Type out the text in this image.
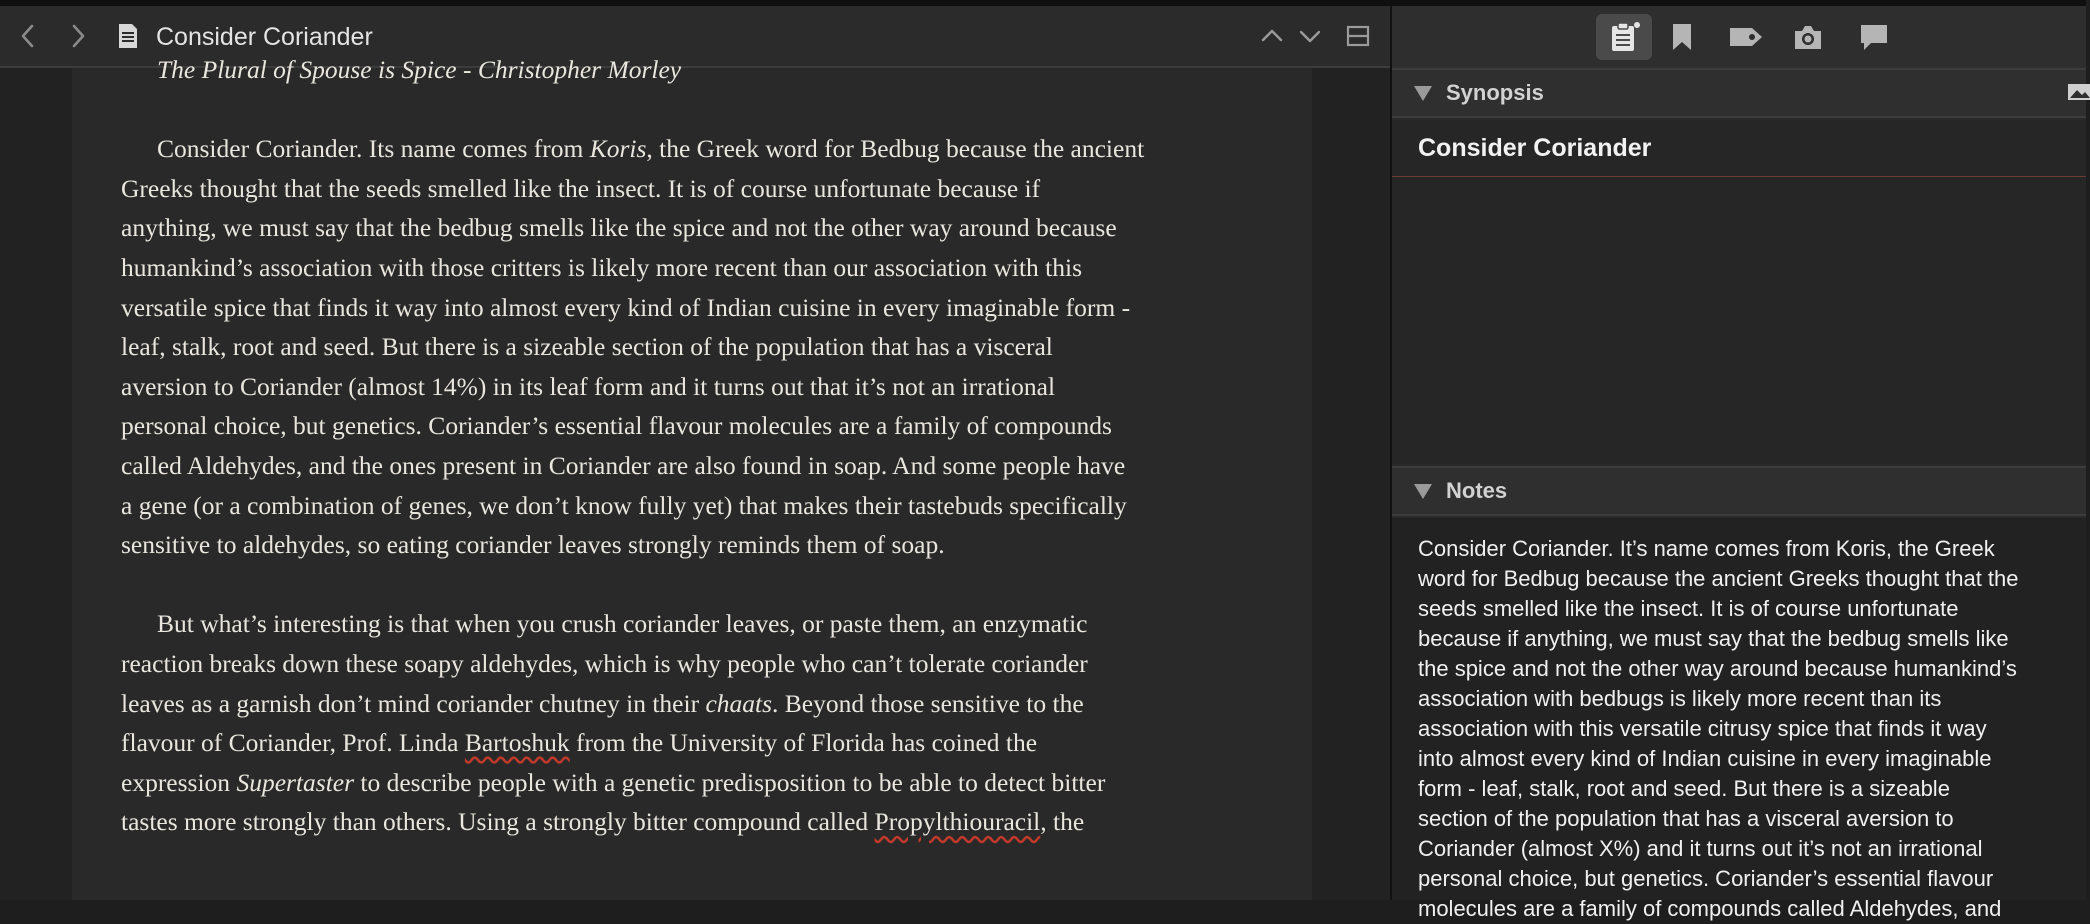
Consider Coriander
The Plural of Spouse is Spice - Christopher Morley
Consider Coriander. Its name comes from Koris, the Greek word for Bedbug because the ancient
Greeks thought that the seeds smelled like the insect. It is of course unfortunate because if
anything, we must say that the bedbug smells like the spice and not the other way around because
humankind’s association with those critters is likely more recent than our association with this
versatile spice that finds it way into almost every kind of Indian cuisine in every imaginable form -
leaf, stalk, root and seed. But there is a sizeable section of the population that has a visceral
aversion to Coriander (almost 14%) in its leaf form and it turns out that it’s not an irrational
personal choice, but genetics. Coriander’s essential flavour molecules are a family of compounds
called Aldehydes, and the ones present in Coriander are also found in soap. And some people have
a gene (or a combination of genes, we don’t know fully yet) that makes their tastebuds specifically
sensitive to aldehydes, so eating coriander leaves strongly reminds them of soap.
But what’s interesting is that when you crush coriander leaves, or paste them, an enzymatic
reaction breaks down these soapy aldehydes, which is why people who can’t tolerate coriander
leaves as a garnish don’t mind coriander chutney in their chaats. Beyond those sensitive to the
flavour of Coriander, Prof. Linda Bartoshuk from the University of Florida has coined the
expression Supertaster to describe people with a genetic predisposition to be able to detect bitter
tastes more strongly than others. Using a strongly bitter compound called Propylthiouracil, the
Synopsis
Consider Coriander
Notes
Consider Coriander. It’s name comes from Koris, the Greek
word for Bedbug because the ancient Greeks thought that the
seeds smelled like the insect. It is of course unfortunate
because if anything, we must say that the bedbug smells like
the spice and not the other way around because humankind’s
association with bedbugs is likely more recent than its
association with this versatile citrusy spice that finds it way
into almost every kind of Indian cuisine in every imaginable
form - leaf, stalk, root and seed. But there is a sizeable
section of the population that has a visceral aversion to
Coriander (almost X%) and it turns out it’s not an irrational
personal choice, but genetics. Coriander’s essential flavour
molecules are a family of compounds called Aldehydes, and
